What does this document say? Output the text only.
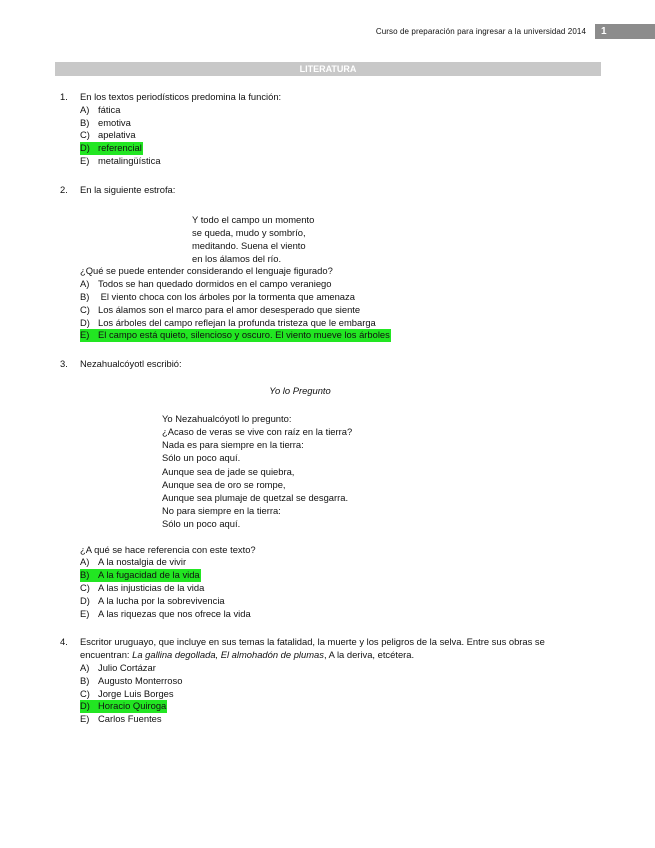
Curso de preparación para ingresar a la universidad 2014	1
LITERATURA
1.	En los textos periodísticos predomina la función:
A) fática
B) emotiva
C) apelativa
D) referencial
E) metalingüística
2.	En la siguiente estrofa:
Y todo el campo un momento
se queda, mudo y sombrío,
meditando. Suena el viento
en los álamos del río.
¿Qué se puede entender considerando el lenguaje figurado?
A) Todos se han quedado dormidos en el campo veraniego
B) El viento choca con los árboles por la tormenta que amenaza
C) Los álamos son el marco para el amor desesperado que siente
D) Los árboles del campo reflejan la profunda tristeza que le embarga
E) El campo está quieto, silencioso y oscuro. El viento mueve los árboles
3.	Nezahualcóyotl escribió:
Yo lo Pregunto
Yo Nezahualcóyotl lo pregunto:
¿Acaso de veras se vive con raíz en la tierra?
Nada es para siempre en la tierra:
Sólo un poco aquí.
Aunque sea de jade se quiebra,
Aunque sea de oro se rompe,
Aunque sea plumaje de quetzal se desgarra.
No para siempre en la tierra:
Sólo un poco aquí.
¿A qué se hace referencia con este texto?
A) A la nostalgia de vivir
B) A la fugacidad de la vida
C) A las injusticias de la vida
D) A la lucha por la sobrevivencia
E) A las riquezas que nos ofrece la vida
4.	Escritor uruguayo, que incluye en sus temas la fatalidad, la muerte y los peligros de la selva. Entre sus obras se
encuentran: La gallina degollada, El almohadón de plumas, A la deriva, etcétera.
A) Julio Cortázar
B) Augusto Monterroso
C) Jorge Luis Borges
D) Horacio Quiroga
E) Carlos Fuentes
